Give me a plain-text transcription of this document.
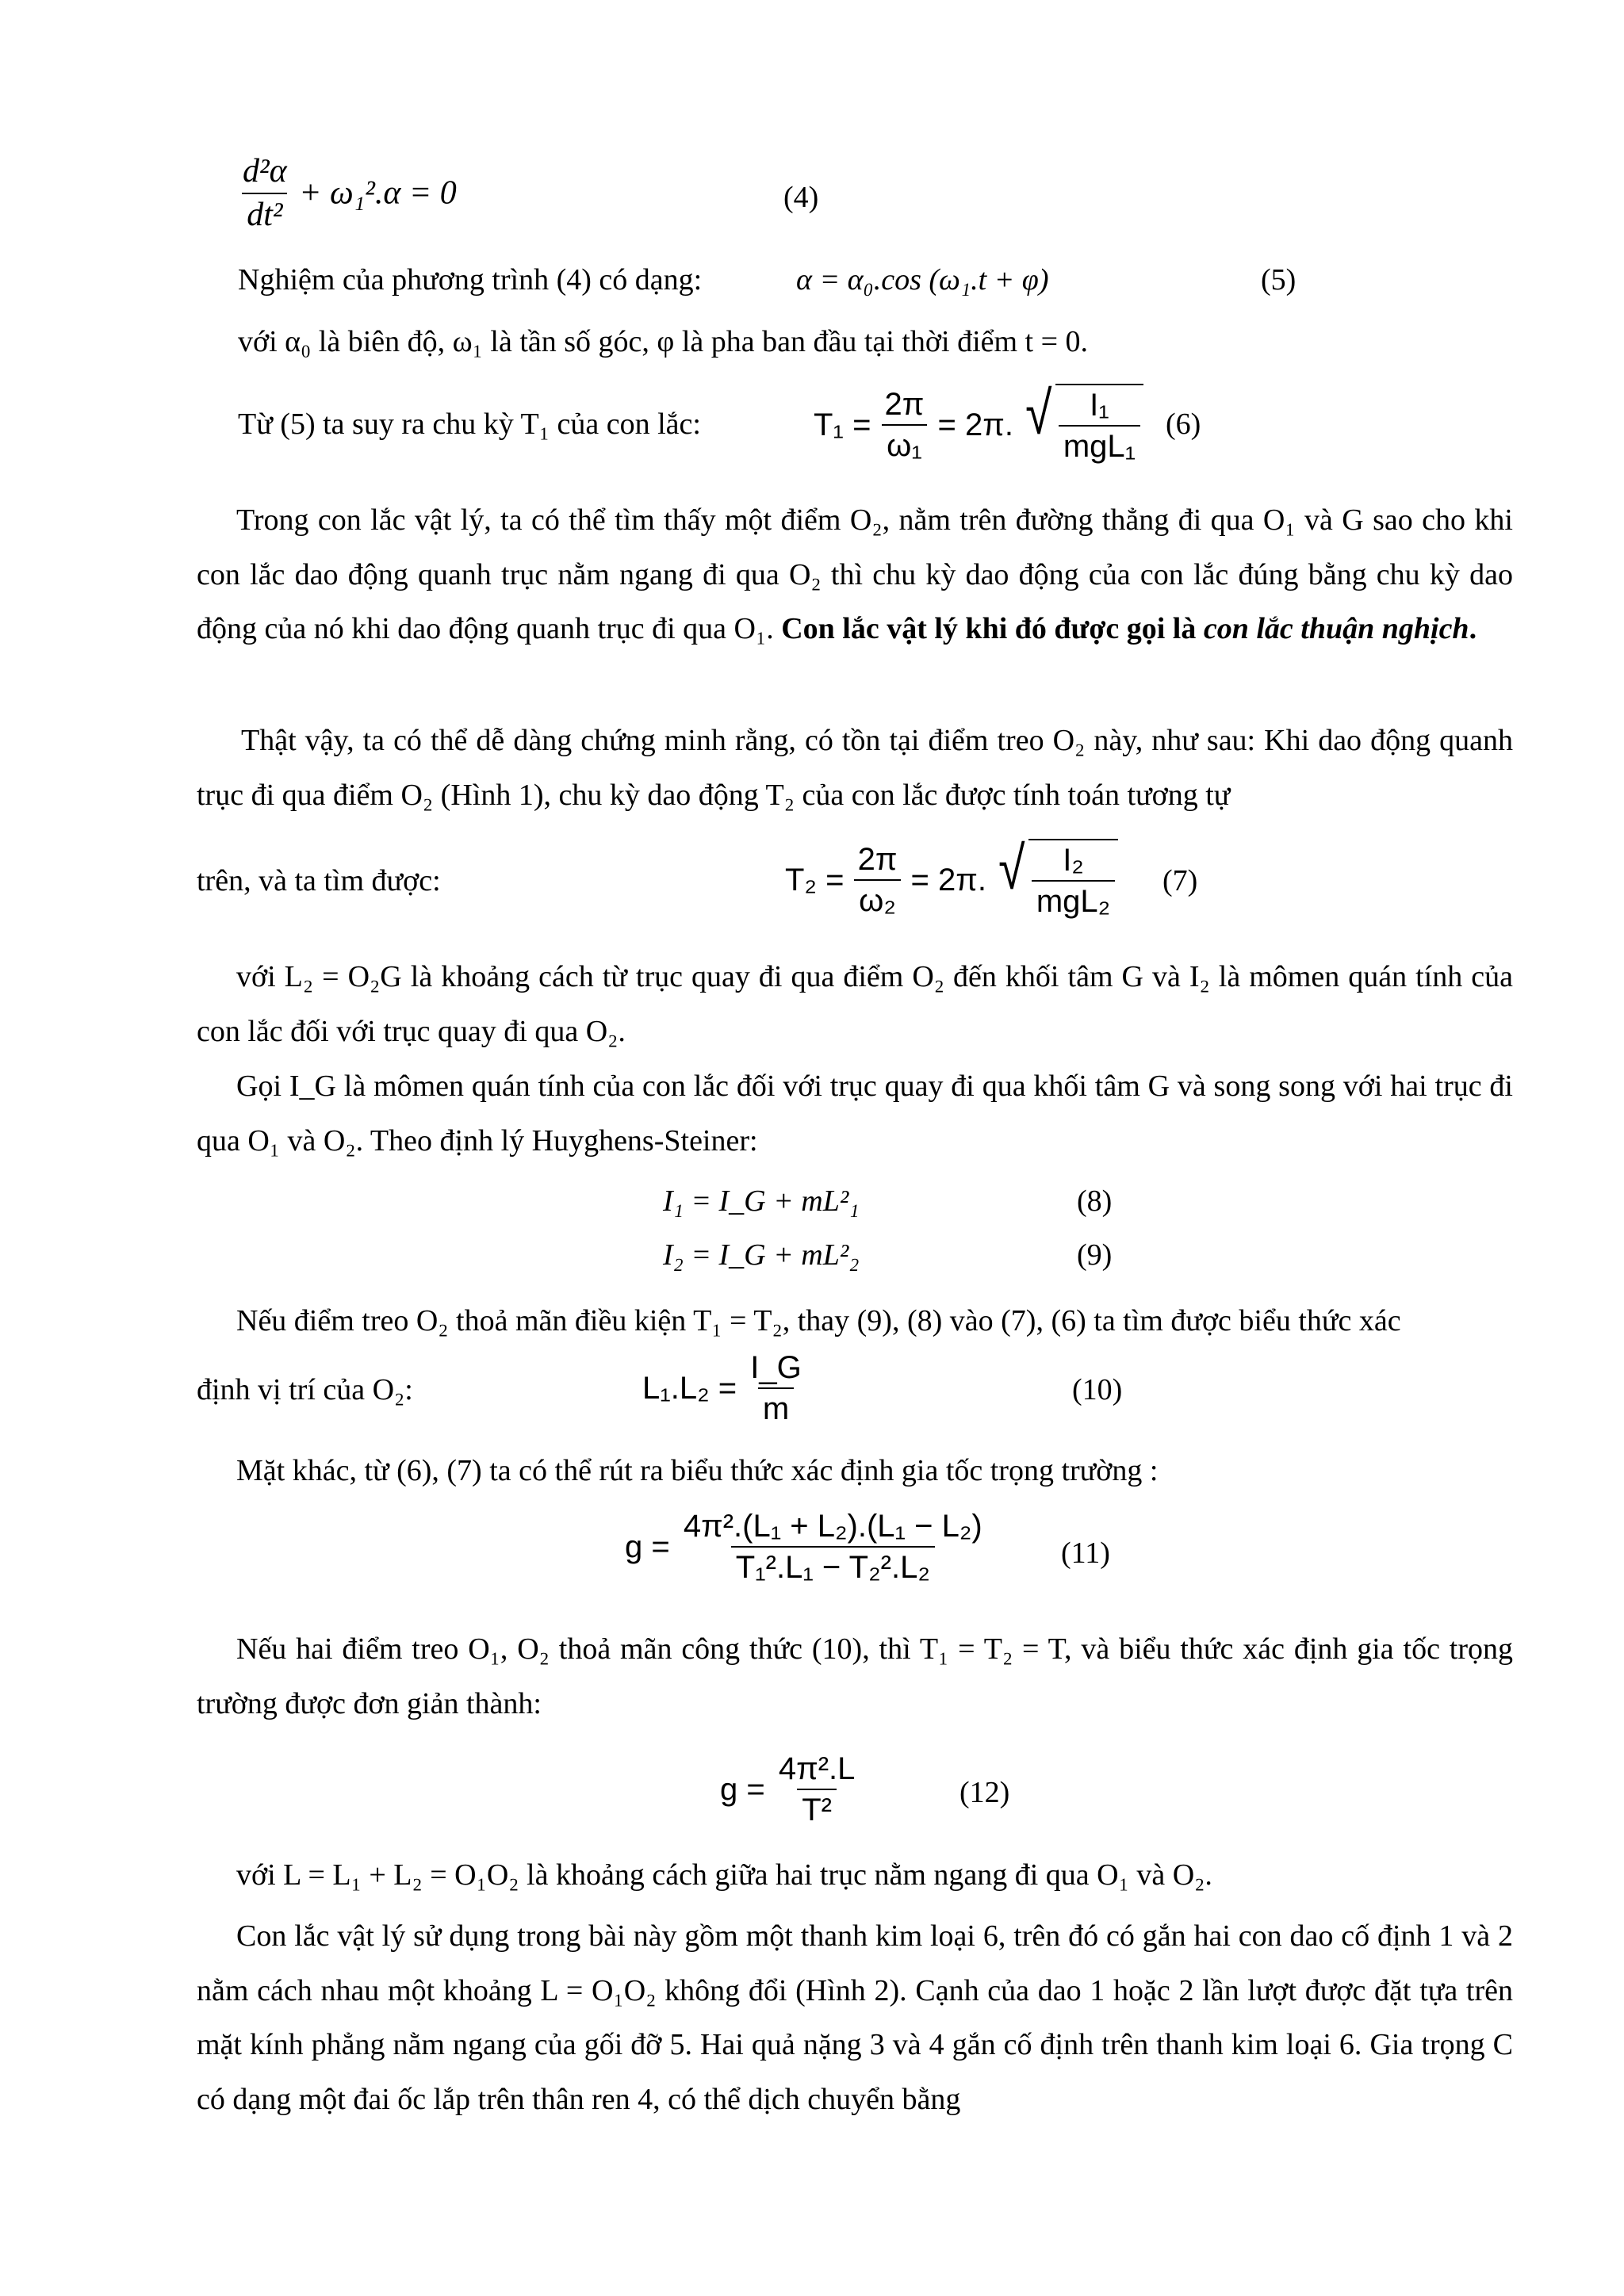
$\frac{\text{d²α}}{\text{dt²}} + \omega_1^2.\alpha = 0$	(4)
Nghiệm của phương trình (4) có dạng:	α = α₀.cos (ω₁.t + φ)	(5)
với α₀ là biên độ, ω₁ là tần số góc, φ là pha ban đầu tại thời điểm t = 0.
Từ (5) ta suy ra chu kỳ T₁ của con lắc:	$T_1 = \frac{2\pi}{\text{ω₁}} = 2\pi$. √ $\frac{\text{I₁}}{\text{mgL₁}} (6)$
Trong con lắc vật lý, ta có thể tìm thấy một điểm O₂, nằm trên đường thẳng đi qua O₁ và G sao cho khi con lắc dao động quanh trục nằm ngang đi qua O₂ thì chu kỳ dao động của con lắc đúng bằng chu kỳ dao động của nó khi dao động quanh trục đi qua O₁. Con lắc vật lý khi đó được gọi là con lắc thuận nghịch.
Thật vậy, ta có thể dễ dàng chứng minh rằng, có tồn tại điểm treo O₂ này, như sau: Khi dao động quanh trục đi qua điểm O₂ (Hình 1), chu kỳ dao động T₂ của con lắc được tính toán tương tự
trên, và ta tìm được:	$T_2 = \frac{2\pi}{\text{ω₂}} = 2\pi$. √ $\frac{\text{I₂}}{\text{mgL₂}} (7)$
với L₂ = O₂G là khoảng cách từ trục quay đi qua điểm O₂ đến khối tâm G và I₂ là mômen quán tính của con lắc đối với trục quay đi qua O₂.
Gọi I_G là mômen quán tính của con lắc đối với trục quay đi qua khối tâm G và song song với hai trục đi qua O₁ và O₂. Theo định lý Huyghens-Steiner:
I₁ = I_G + mL²₁	(8)
I₂ = I_G + mL²₂	(9)
Nếu điểm treo O₂ thoả mãn điều kiện T₁ = T₂, thay (9), (8) vào (7), (6) ta tìm được biểu thức xác
định vị trí của O₂:	$L_1.L_2 = \frac{I\_G}{m}$	(10)
Mặt khác, từ (6), (7) ta có thể rút ra biểu thức xác định gia tốc trọng trường :
$g = \frac{\text{4π².(L₁ + L₂).(L₁ − L₂)}}{\text{T₁².L₁ − T₂².L₂}} (11)$
Nếu hai điểm treo O₁, O₂ thoả mãn công thức (10), thì T₁ = T₂ = T, và biểu thức xác định gia tốc trọng trường được đơn giản thành:
$g = \frac{\text{4π².L}}{\text{T²}}$	(12)
với L = L₁ + L₂ = O₁O₂ là khoảng cách giữa hai trục nằm ngang đi qua O₁ và O₂.
Con lắc vật lý sử dụng trong bài này gồm một thanh kim loại 6, trên đó có gắn hai con dao cố định 1 và 2 nằm cách nhau một khoảng L = O₁O₂ không đổi (Hình 2). Cạnh của dao 1 hoặc 2 lần lượt được đặt tựa trên mặt kính phẳng nằm ngang của gối đỡ 5. Hai quả nặng 3 và 4 gắn cố định trên thanh kim loại 6. Gia trọng C có dạng một đai ốc lắp trên thân ren 4, có thể dịch chuyển bằng
